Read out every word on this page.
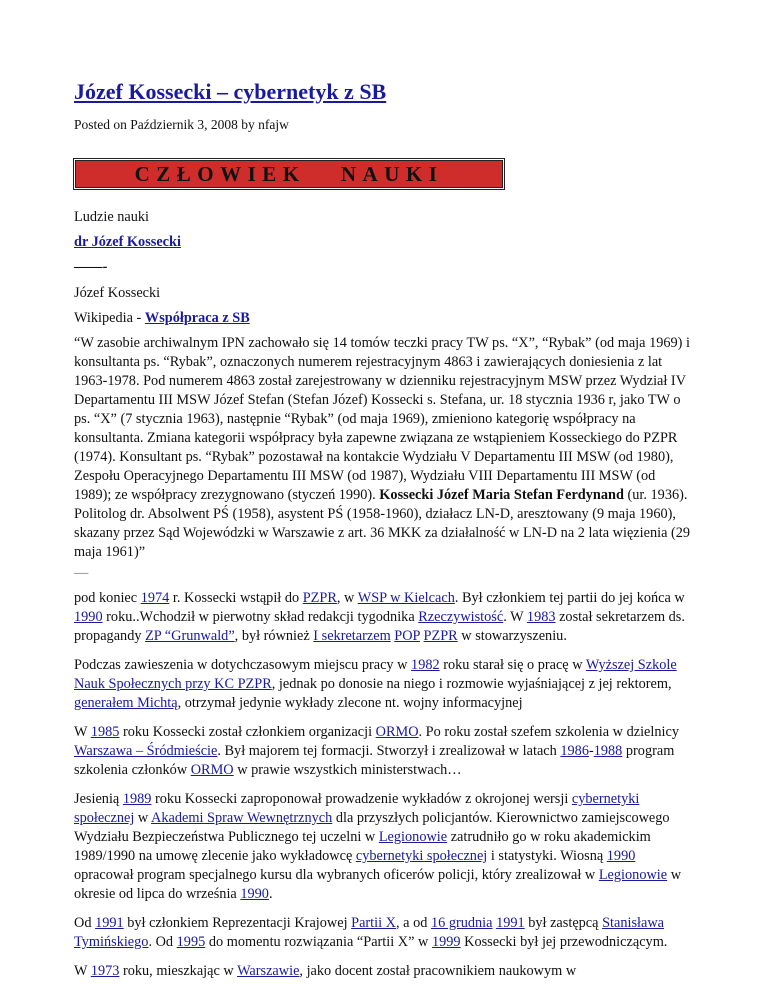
Józef Kossecki – cybernetyk z SB
Posted on Październik 3, 2008 by nfajw
CZŁOWIEK   NAUKI

Ludzie nauki

dr Józef Kossecki

——-

Józef Kossecki

Wikipedia - Współpraca z SB

“W zasobie archiwalnym IPN zachowało się 14 tomów teczki pracy TW ps. “X”, “Rybak” (od maja 1969) i konsultanta ps. “Rybak”, oznaczonych numerem rejestracyjnym 4863 i zawierających doniesienia z lat 1963-1978. Pod numerem 4863 został zarejestrowany w dzienniku rejestracyjnym MSW przez Wydział IV Departamentu III MSW Józef Stefan (Stefan Józef) Kossecki s. Stefana, ur. 18 stycznia 1936 r, jako TW o ps. “X” (7 stycznia 1963), następnie “Rybak” (od maja 1969), zmieniono kategorię współpracy na konsultanta. Zmiana kategorii współpracy była zapewne związana ze wstąpieniem Kosseckiego do PZPR (1974). Konsultant ps. “Rybak” pozostawał na kontakcie Wydziału V Departamentu III MSW (od 1980), Zespołu Operacyjnego Departamentu III MSW (od 1987), Wydziału VIII Departamentu III MSW (od 1989); ze współpracy zrezygnowano (styczeń 1990). Kossecki Józef Maria Stefan Ferdynand (ur. 1936). Politolog dr. Absolwent PŚ (1958), asystent PŚ (1958-1960), działacz LN-D, aresztowany (9 maja 1960), skazany przez Sąd Wojewódzki w Warszawie z art. 36 MKK za działalność w LN-D na 2 lata więzienia (29 maja 1961)”

—

pod koniec 1974 r. Kossecki wstąpił do PZPR, w WSP w Kielcach. Był członkiem tej partii do jej końca w 1990 roku..Wchodził w pierwotny skład redakcji tygodnika Rzeczywistość. W 1983 został sekretarzem ds. propagandy ZP “Grunwald”, był również I sekretarzem POP PZPR w stowarzyszeniu.

Podczas zawieszenia w dotychczasowym miejscu pracy w 1982 roku starał się o pracę w Wyższej Szkole Nauk Społecznych przy KC PZPR, jednak po donosie na niego i rozmowie wyjaśniającej z jej rektorem, generałem Michtą, otrzymał jedynie wykłady zlecone nt. wojny informacyjnej

W 1985 roku Kossecki został członkiem organizacji ORMO. Po roku został szefem szkolenia w dzielnicy Warszawa – Śródmieście. Był majorem tej formacji. Stworzył i zrealizował w latach 1986-1988 program szkolenia członków ORMO w prawie wszystkich ministerstwach…

Jesienią 1989 roku Kossecki zaproponował prowadzenie wykładów z okrojonej wersji cybernetyki społecznej w Akademi Spraw Wewnętrznych dla przyszłych policjantów. Kierownictwo zamiejscowego Wydziału Bezpieczeństwa Publicznego tej uczelni w Legionowie zatrudniło go w roku akademickim 1989/1990 na umowę zlecenie jako wykładowcę cybernetyki społecznej i statystyki. Wiosną 1990 opracował program specjalnego kursu dla wybranych oficerów policji, który zrealizował w Legionowie w okresie od lipca do września 1990.

Od 1991 był członkiem Reprezentacji Krajowej Partii X, a od 16 grudnia 1991 był zastępcą Stanisława Tymińskiego. Od 1995 do momentu rozwiązania “Partii X” w 1999 Kossecki był jej przewodniczącym.

W 1973 roku, mieszkając w Warszawie, jako docent został pracownikiem naukowym w
